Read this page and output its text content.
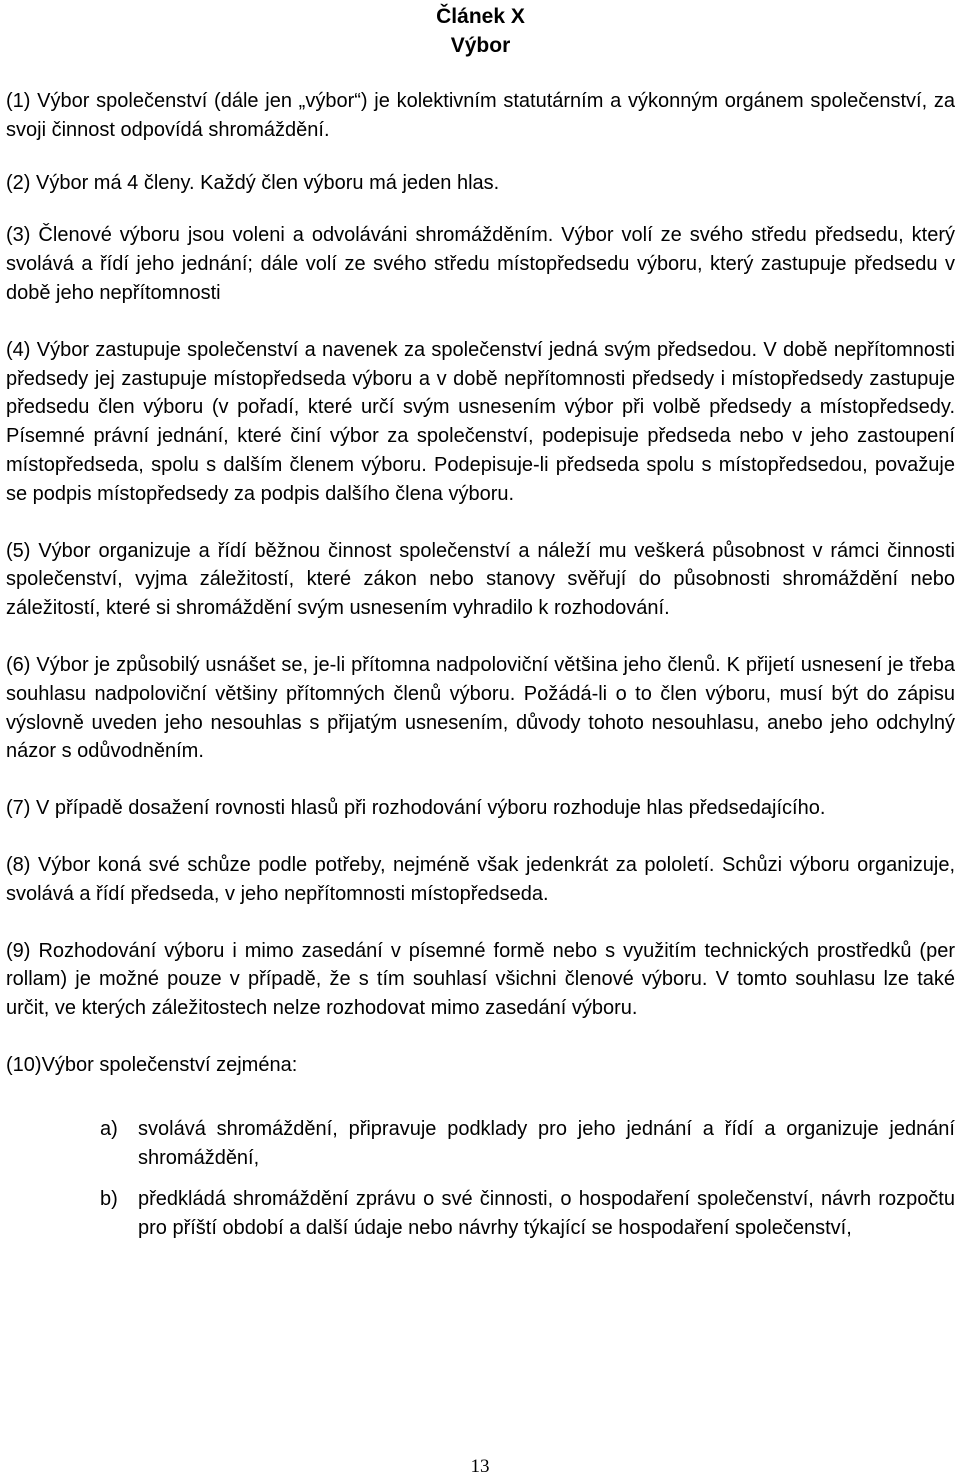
Článek X
Výbor

(1) Výbor společenství (dále jen „výbor“) je kolektivním statutárním a výkonným orgánem společenství, za svoji činnost odpovídá shromáždění.

(2) Výbor má 4 členy. Každý člen výboru má jeden hlas.

(3) Členové výboru jsou voleni a odvoláváni shromážděním. Výbor volí ze svého středu předsedu, který svolává a řídí jeho jednání; dále volí ze svého středu místopředsedu výboru, který zastupuje předsedu v době jeho nepřítomnosti

(4) Výbor zastupuje společenství a navenek za společenství jedná svým předsedou. V době nepřítomnosti předsedy jej zastupuje místopředseda výboru a v době nepřítomnosti předsedy i místopředsedy zastupuje předsedu člen výboru (v pořadí, které určí svým usnesením výbor při volbě předsedy a místopředsedy. Písemné právní jednání, které činí výbor za společenství, podepisuje předseda nebo v jeho zastoupení místopředseda, spolu s dalším členem výboru. Podepisuje-li předseda spolu s místopředsedou, považuje se podpis místopředsedy za podpis dalšího člena výboru.

(5) Výbor organizuje a řídí běžnou činnost společenství a náleží mu veškerá působnost v rámci činnosti společenství, vyjma záležitostí, které zákon nebo stanovy svěřují do působnosti shromáždění nebo záležitostí, které si shromáždění svým usnesením vyhradilo k rozhodování.

(6) Výbor je způsobilý usnášet se, je-li přítomna nadpoloviční většina jeho členů. K přijetí usnesení je třeba souhlasu nadpoloviční většiny přítomných členů výboru. Požádá-li o to člen výboru, musí být do zápisu výslovně uveden jeho nesouhlas s přijatým usnesením, důvody tohoto nesouhlasu, anebo jeho odchylný názor s odůvodněním.

(7) V případě dosažení rovnosti hlasů při rozhodování výboru rozhoduje hlas předsedajícího.

(8) Výbor koná své schůze podle potřeby, nejméně však jedenkrát za pololetí. Schůzi výboru organizuje, svolává a řídí předseda, v jeho nepřítomnosti místopředseda.

(9) Rozhodování výboru i mimo zasedání v písemné formě nebo s využitím technických prostředků (per rollam) je možné pouze v případě, že s tím souhlasí všichni členové výboru. V tomto souhlasu lze také určit, ve kterých záležitostech nelze rozhodovat mimo zasedání výboru.

(10)Výbor společenství zejména:

a) svolává shromáždění, připravuje podklady pro jeho jednání a řídí a organizuje jednání shromáždění,
b) předkládá shromáždění zprávu o své činnosti, o hospodaření společenství, návrh rozpočtu pro příští období a další údaje nebo návrhy týkající se hospodaření společenství,
13
